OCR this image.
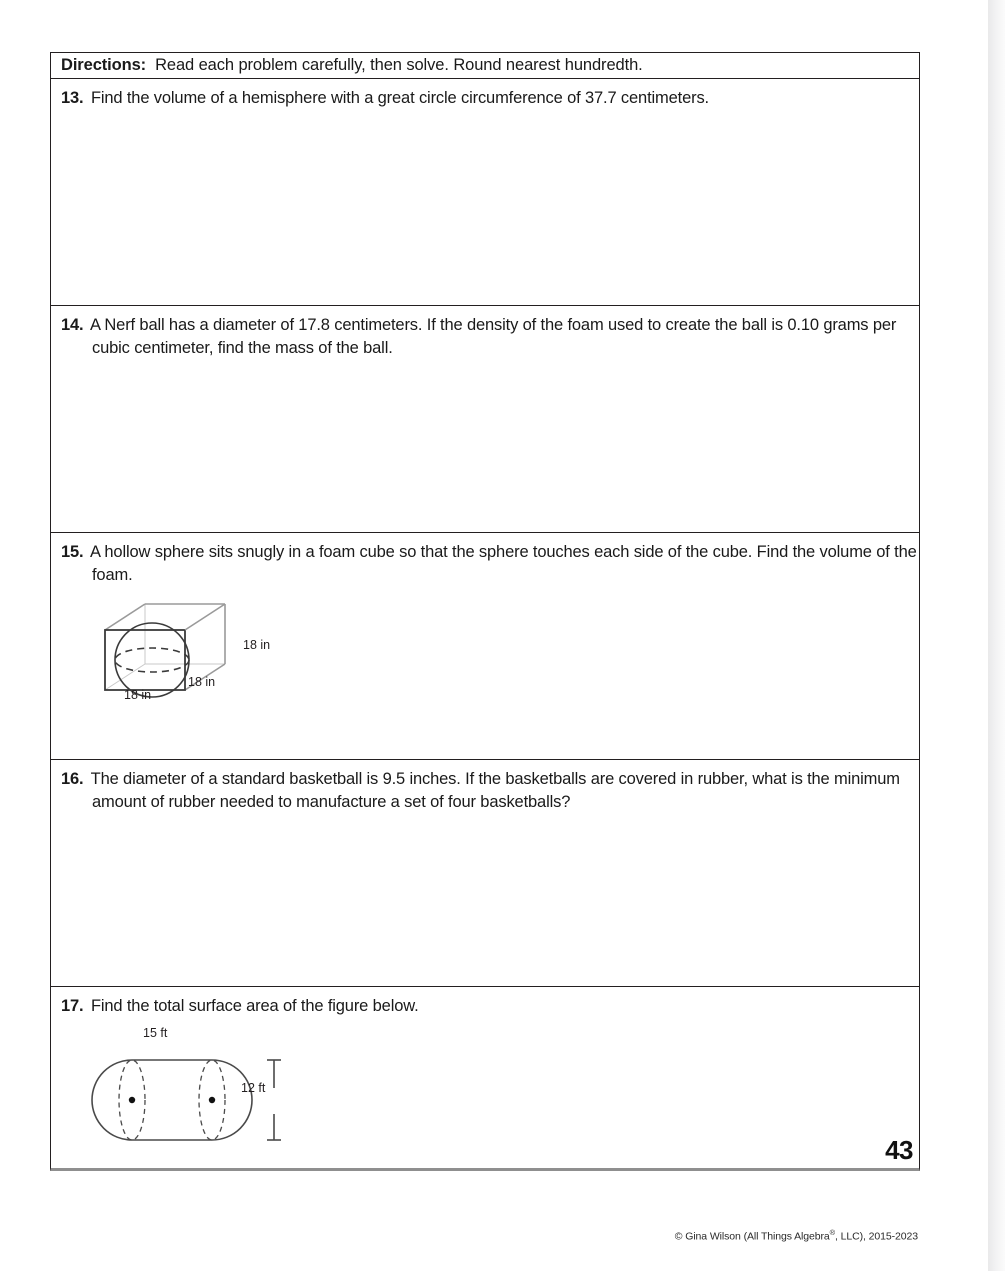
Directions: Read each problem carefully, then solve. Round nearest hundredth.
13. Find the volume of a hemisphere with a great circle circumference of 37.7 centimeters.
14. A Nerf ball has a diameter of 17.8 centimeters. If the density of the foam used to create the ball is 0.10 grams per cubic centimeter, find the mass of the ball.
15. A hollow sphere sits snugly in a foam cube so that the sphere touches each side of the cube. Find the volume of the foam.
18 in
18 in
18 in
16. The diameter of a standard basketball is 9.5 inches. If the basketballs are covered in rubber, what is the minimum amount of rubber needed to manufacture a set of four basketballs?
17. Find the total surface area of the figure below.
15 ft
12 ft
43
© Gina Wilson (All Things Algebra®, LLC), 2015-2023
